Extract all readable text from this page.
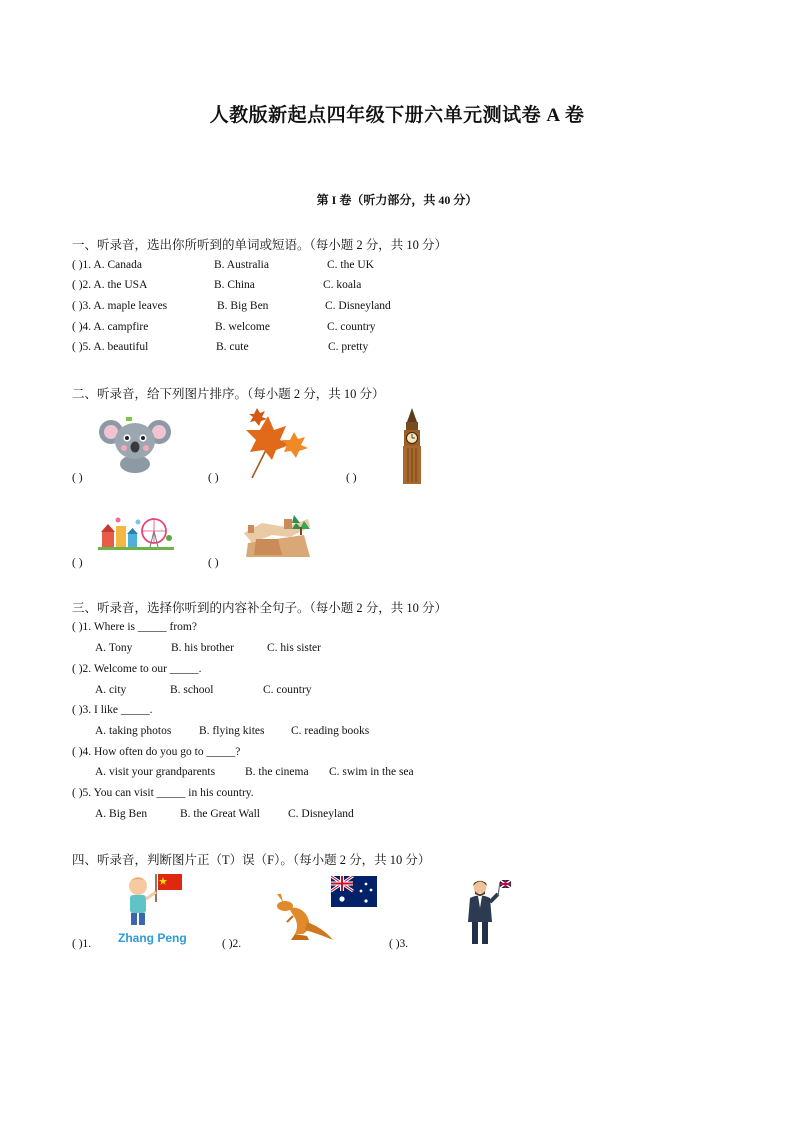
人教版新起点四年级下册六单元测试卷 A 卷
第 I 卷（听力部分，共 40 分）
一、听录音，选出你所听到的单词或短语。（每小题 2 分，共 10 分）
( )1. A. Canada	B. Australia	C. the UK
( )2. A. the USA	B. China	C. koala
( )3. A. maple leaves	B. Big Ben	C. Disneyland
( )4. A. campfire	B. welcome	C. country
( )5. A. beautiful	B. cute	C. pretty
二、听录音，给下列图片排序。（每小题 2 分，共 10 分）
( )	( )	( )
( )	( )
三、听录音，选择你听到的内容补全句子。（每小题 2 分，共 10 分）
( )1. Where is _____ from?
A. Tony	B. his brother	C. his sister
( )2. Welcome to our _____.
A. city	B. school	C. country
( )3. I like _____.
A. taking photos B. flying kites C. reading books
( )4. How often do you go to _____?
A. visit your grandparents	B. the cinema C. swim in the sea
( )5. You can visit _____ in his country.
A. Big Ben	B. the Great Wall C. Disneyland
四、听录音，判断图片正（T）误（F）。（每小题 2 分，共 10 分）
Zhang Peng
( )1.	( )2.	( )3.
